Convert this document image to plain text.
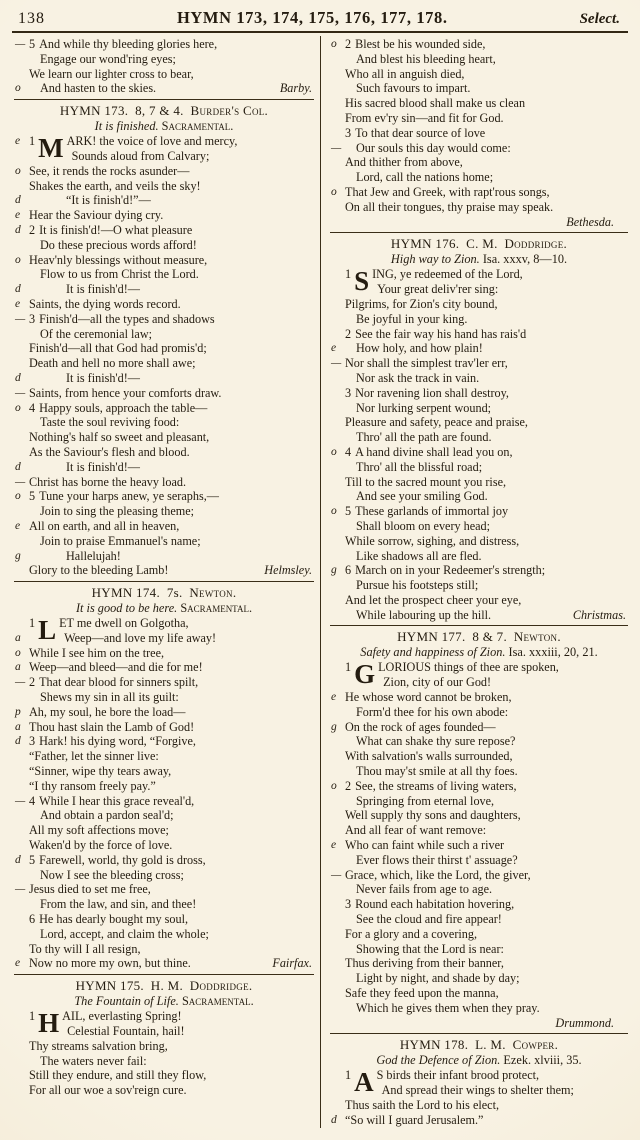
138	HYMN 173, 174, 175, 176, 177, 178.	Select.
— 5 And while thy bleeding glories here,
Engage our wond'ring eyes;
We learn our lighter cross to bear,
o	Barby.
And hasten to the skies.
HYMN 173. 8, 7 & 4. Burder's Col.
It is finished. Sacramental.
e 1 M ARK! the voice of love and mercy,
Sounds aloud from Calvary;
o See, it rends the rocks asunder—
Shakes the earth, and veils the sky!
d	“It is finish'd!”—
e Hear the Saviour dying cry.
d 2 It is finish'd!—O what pleasure
Do these precious words afford!
o Heav'nly blessings without measure,
Flow to us from Christ the Lord.
d	It is finish'd!—
e Saints, the dying words record.
— 3 Finish'd—all the types and shadows
Of the ceremonial law;
Finish'd—all that God had promis'd;
Death and hell no more shall awe;
d	It is finish'd!—
— Saints, from hence your comforts draw.
o 4 Happy souls, approach the table—
Taste the soul reviving food:
Nothing's half so sweet and pleasant,
As the Saviour's flesh and blood.
d	It is finish'd!—
— Christ has borne the heavy load.
o 5 Tune your harps anew, ye seraphs,—
Join to sing the pleasing theme;
e All on earth, and all in heaven,
Join to praise Emmanuel's name;
g	Hallelujah!
Helmsley.
Glory to the bleeding Lamb!
HYMN 174. 7s. Newton.
It is good to be here. Sacramental.
a
1 L ET me dwell on Golgotha,
Weep—and love my life away!
o While I see him on the tree,
a Weep—and bleed—and die for me!
— 2 That dear blood for sinners spilt,
Shews my sin in all its guilt:
p Ah, my soul, he bore the load—
a Thou hast slain the Lamb of God!
d 3 Hark! his dying word, “Forgive,
“Father, let the sinner live:
“Sinner, wipe thy tears away,
“I thy ransom freely pay.”
— 4 While I hear this grace reveal'd,
And obtain a pardon seal'd;
All my soft affections move;
Waken'd by the force of love.
d 5 Farewell, world, thy gold is dross,
Now I see the bleeding cross;
— Jesus died to set me free,
From the law, and sin, and thee!
6 He has dearly bought my soul,
Lord, accept, and claim the whole;
To thy will I all resign,
e	Fairfax.
Now no more my own, but thine.
HYMN 175. H. M. Doddridge.
The Fountain of Life. Sacramental.
1 H AIL, everlasting Spring!
Celestial Fountain, hail!
Thy streams salvation bring,
The waters never fail:
Still they endure, and still they flow,
For all our woe a sov'reign cure.
o 2 Blest be his wounded side,
And blest his bleeding heart,
Who all in anguish died,
Such favours to impart.
His sacred blood shall make us clean
From ev'ry sin—and fit for God.
3 To that dear source of love
— Our souls this day would come:
And thither from above,
Lord, call the nations home;
o That Jew and Greek, with rapt'rous songs,
On all their tongues, thy praise may speak.
Bethesda.
HYMN 176. C. M. Doddridge.
High way to Zion. Isa. xxxv, 8—10.
1 S ING, ye redeemed of the Lord,
Your great deliv'rer sing:
Pilgrims, for Zion's city bound,
Be joyful in your king.
2 See the fair way his hand has rais'd
e How holy, and how plain!
— Nor shall the simplest trav'ler err,
Nor ask the track in vain.
3 Nor ravening lion shall destroy,
Nor lurking serpent wound;
Pleasure and safety, peace and praise,
Thro' all the path are found.
o 4 A hand divine shall lead you on,
Thro' all the blissful road;
Till to the sacred mount you rise,
And see your smiling God.
o 5 These garlands of immortal joy
Shall bloom on every head;
While sorrow, sighing, and distress,
Like shadows all are fled.
g 6 March on in your Redeemer's strength;
Pursue his footsteps still;
And let the prospect cheer your eye,
Christmas.
While labouring up the hill.
HYMN 177. 8 & 7. Newton.
Safety and happiness of Zion. Isa. xxxiii, 20, 21.
1 G LORIOUS things of thee are spoken,
Zion, city of our God!
e He whose word cannot be broken,
Form'd thee for his own abode:
g On the rock of ages founded—
What can shake thy sure repose?
With salvation's walls surrounded,
Thou may'st smile at all thy foes.
o 2 See, the streams of living waters,
Springing from eternal love,
Well supply thy sons and daughters,
And all fear of want remove:
e Who can faint while such a river
Ever flows their thirst t' assuage?
— Grace, which, like the Lord, the giver,
Never fails from age to age.
3 Round each habitation hovering,
See the cloud and fire appear!
For a glory and a covering,
Showing that the Lord is near:
Thus deriving from their banner,
Light by night, and shade by day;
Safe they feed upon the manna,
Which he gives them when they pray.
Drummond.
HYMN 178. L. M. Cowper.
God the Defence of Zion. Ezek. xlviii, 35.
1 A S birds their infant brood protect,
And spread their wings to shelter them;
Thus saith the Lord to his elect,
d “So will I guard Jerusalem.”
